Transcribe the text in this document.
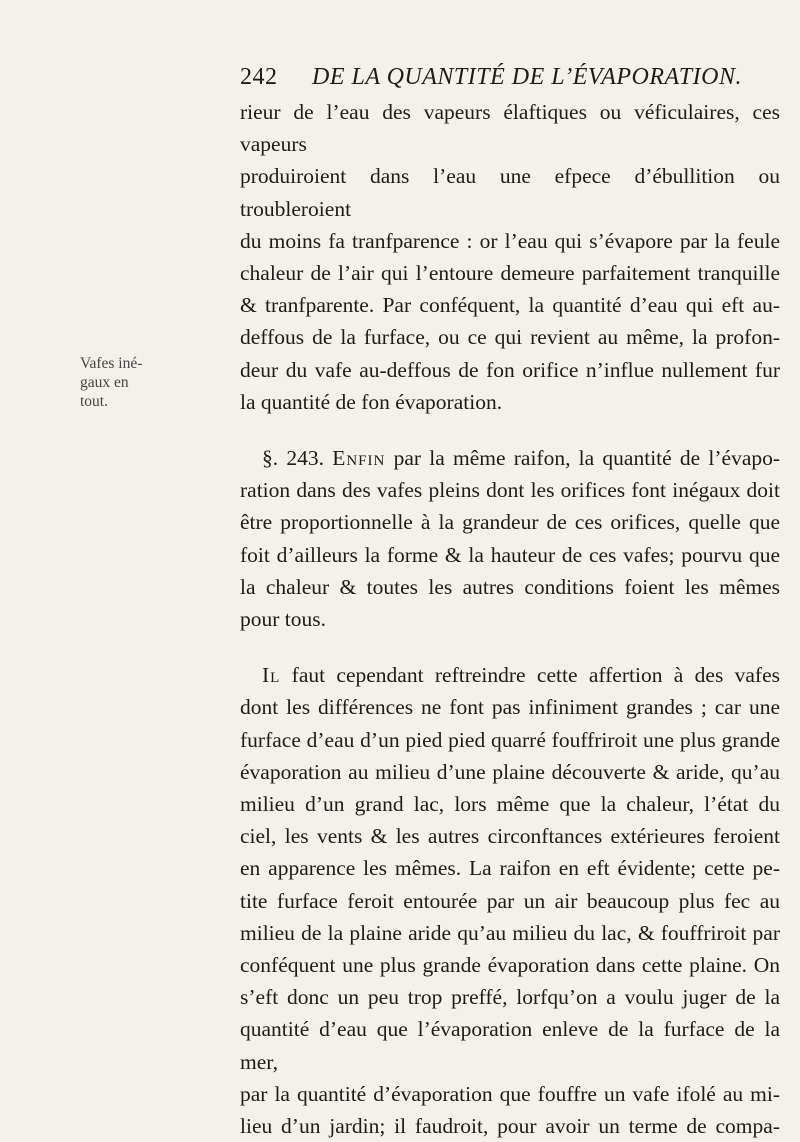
242 DE LA QUANTITÉ DE L’ÉVAPORATION.
Vafes iné-
gaux en
tout.

rieur de l’eau des vapeurs élaftiques ou véficulaires, ces vapeurs

produiroient dans l’eau une efpece d’ébullition ou troubleroient

du moins fa tranfparence : or l’eau qui s’évapore par la feule

chaleur de l’air qui l’entoure demeure parfaitement tranquille

& tranfparente. Par conféquent, la quantité d’eau qui eft au-

deffous de la furface, ou ce qui revient au même, la profon-

deur du vafe au-deffous de fon orifice n’influe nullement fur

la quantité de fon évaporation.

§. 243. Enfin par la même raifon, la quantité de l’évapo-

ration dans des vafes pleins dont les orifices font inégaux doit

être proportionnelle à la grandeur de ces orifices, quelle que

foit d’ailleurs la forme & la hauteur de ces vafes; pourvu que

la chaleur & toutes les autres conditions foient les mêmes

pour tous.

Il faut cependant reftreindre cette affertion à des vafes

dont les différences ne font pas infiniment grandes ; car une

furface d’eau d’un pied pied quarré fouffriroit une plus grande

évaporation au milieu d’une plaine découverte & aride, qu’au

milieu d’un grand lac, lors même que la chaleur, l’état du

ciel, les vents & les autres circonftances extérieures feroient

en apparence les mêmes. La raifon en eft évidente; cette pe-

tite furface feroit entourée par un air beaucoup plus fec au

milieu de la plaine aride qu’au milieu du lac, & fouffriroit par

conféquent une plus grande évaporation dans cette plaine. On

s’eft donc un peu trop preffé, lorfqu’on a voulu juger de la

quantité d’eau que l’évaporation enleve de la furface de la mer,

par la quantité d’évaporation que fouffre un vafe ifolé au mi-

lieu d’un jardin; il faudroit, pour avoir un terme de compa-
